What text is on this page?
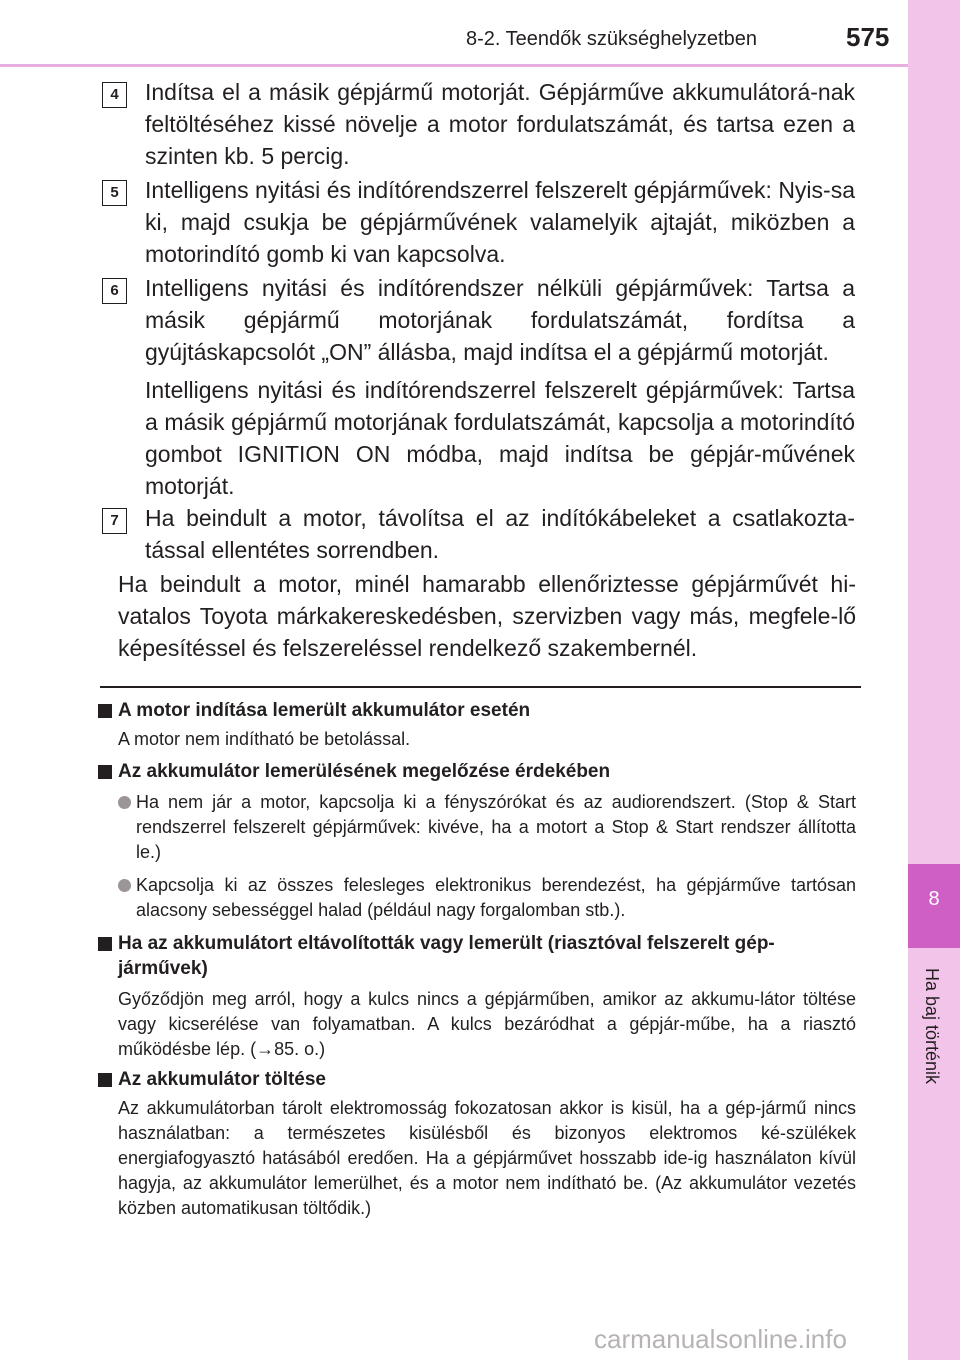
8-2. Teendők szükséghelyzetben	575
8
Ha baj történik
4	Indítsa el a másik gépjármű motorját. Gépjárműve akkumulátorá-nak feltöltéséhez kissé növelje a motor fordulatszámát, és tartsa ezen a szinten kb. 5 percig.
5	Intelligens nyitási és indítórendszerrel felszerelt gépjárművek: Nyis-sa ki, majd csukja be gépjárművének valamelyik ajtaját, miközben a motorindító gomb ki van kapcsolva.
6	Intelligens nyitási és indítórendszer nélküli gépjárművek: Tartsa a másik gépjármű motorjának fordulatszámát, fordítsa a gyújtáskapcsolót „ON” állásba, majd indítsa el a gépjármű motorját.
Intelligens nyitási és indítórendszerrel felszerelt gépjárművek: Tartsa a másik gépjármű motorjának fordulatszámát, kapcsolja a motorindító gombot IGNITION ON módba, majd indítsa be gépjár-művének motorját.
7	Ha beindult a motor, távolítsa el az indítókábeleket a csatlakozta-tással ellentétes sorrendben.
Ha beindult a motor, minél hamarabb ellenőriztesse gépjárművét hi-vatalos Toyota márkakereskedésben, szervizben vagy más, megfele-lő képesítéssel és felszereléssel rendelkező szakembernél.
A motor indítása lemerült akkumulátor esetén
A motor nem indítható be betolással.
Az akkumulátor lemerülésének megelőzése érdekében
Ha nem jár a motor, kapcsolja ki a fényszórókat és az audiorendszert. (Stop & Start rendszerrel felszerelt gépjárművek: kivéve, ha a motort a Stop & Start rendszer állította le.)
Kapcsolja ki az összes felesleges elektronikus berendezést, ha gépjárműve tartósan alacsony sebességgel halad (például nagy forgalomban stb.).
Ha az akkumulátort eltávolították vagy lemerült (riasztóval felszerelt gép-járművek)
Győződjön meg arról, hogy a kulcs nincs a gépjárműben, amikor az akkumu-látor töltése vagy kicserélése van folyamatban. A kulcs bezáródhat a gépjár-műbe, ha a riasztó működésbe lép. (→85. o.)
Az akkumulátor töltése
Az akkumulátorban tárolt elektromosság fokozatosan akkor is kisül, ha a gép-jármű nincs használatban: a természetes kisülésből és bizonyos elektromos ké-szülékek energiafogyasztó hatásából eredően. Ha a gépjárművet hosszabb ide-ig használaton kívül hagyja, az akkumulátor lemerülhet, és a motor nem indítható be. (Az akkumulátor vezetés közben automatikusan töltődik.)
carmanualsonline.info
